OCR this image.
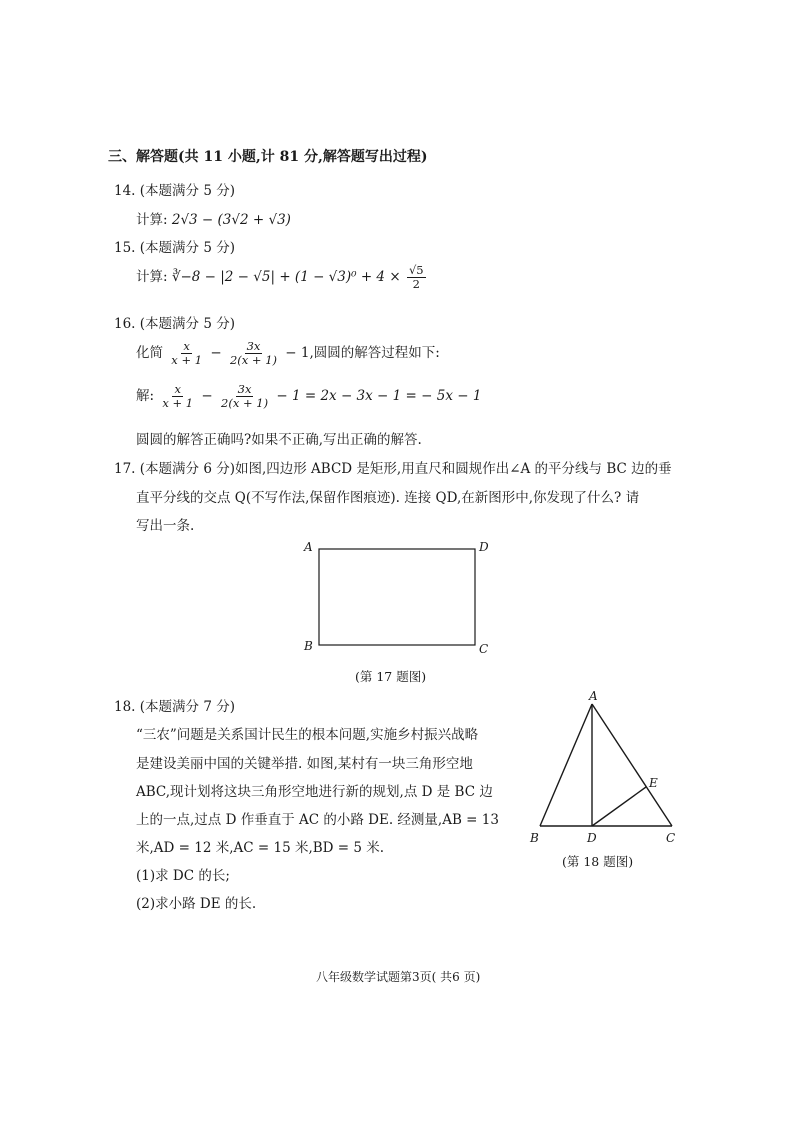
三、解答题(共 11 小题,计 81 分,解答题写出过程)
14. (本题满分 5 分)
计算: 2√3 − (3√2 + √3)
15. (本题满分 5 分)
计算: ∛−8 − $|2 - √5| + (1 - √3)^0 + 4 \times \frac{√5}{2}$
16. (本题满分 5 分)
化简 $\frac{x}{x + 1} - \frac{3x}{2(x + 1)} - 1$,圆圆的解答过程如下:
解: $\frac{x}{x + 1} - \frac{3x}{2(x + 1)} - 1 = 2x - 3x - 1$ = − 5x − 1
圆圆的解答正确吗?如果不正确,写出正确的解答.
17. (本题满分 6 分)如图,四边形 ABCD 是矩形,用直尺和圆规作出∠A 的平分线与 BC 边的垂
直平分线的交点 Q(不写作法,保留作图痕迹). 连接 QD,在新图形中,你发现了什么? 请
写出一条.
A	D
B	C
(第 17 题图)
18. (本题满分 7 分)
“三农”问题是关系国计民生的根本问题,实施乡村振兴战略
是建设美丽中国的关键举措. 如图,某村有一块三角形空地
ABC,现计划将这块三角形空地进行新的规划,点 D 是 BC 边
上的一点,过点 D 作垂直于 AC 的小路 DE. 经测量,AB = 13
米,AD = 12 米,AC = 15 米,BD = 5 米.
(1)求 DC 的长;
(2)求小路 DE 的长.
A
E
B	D	C
(第 18 题图)
八年级数学试题第3页( 共6 页)
